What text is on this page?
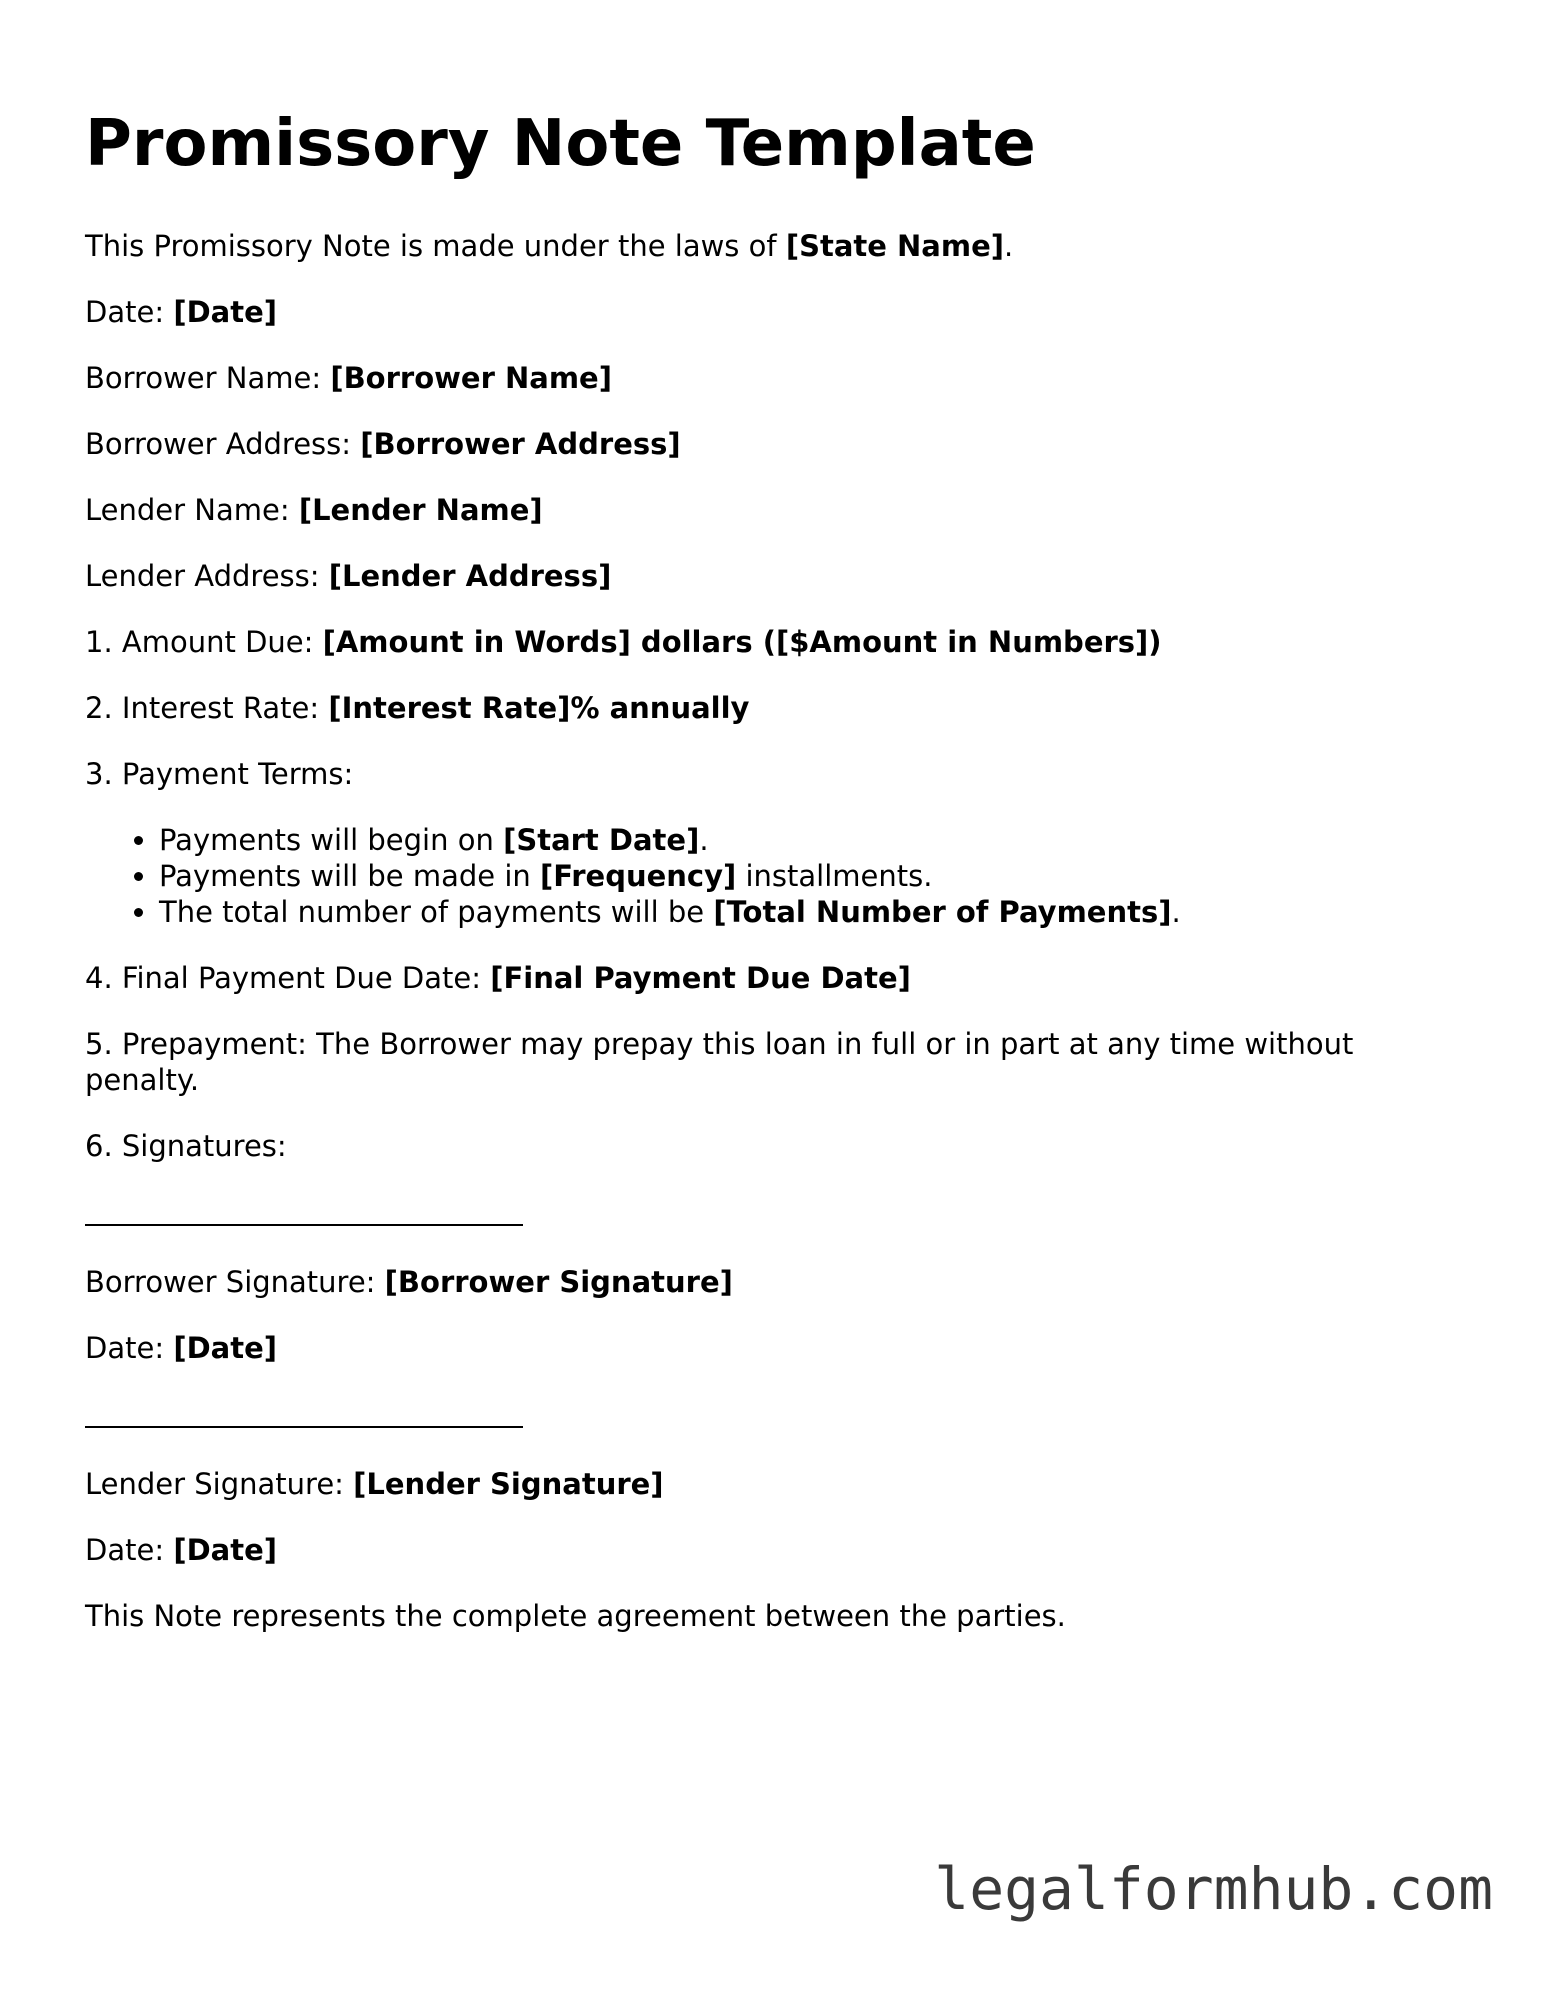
Promissory Note Template

This Promissory Note is made under the laws of [State Name].

Date: [Date]

Borrower Name: [Borrower Name]

Borrower Address: [Borrower Address]

Lender Name: [Lender Name]

Lender Address: [Lender Address]

1. Amount Due: [Amount in Words] dollars ([$Amount in Numbers])

2. Interest Rate: [Interest Rate]% annually

3. Payment Terms:

• Payments will begin on [Start Date].
• Payments will be made in [Frequency] installments.
• The total number of payments will be [Total Number of Payments].

4. Final Payment Due Date: [Final Payment Due Date]

5. Prepayment: The Borrower may prepay this loan in full or in part at any time without penalty.

6. Signatures:

Borrower Signature: [Borrower Signature]

Date: [Date]

Lender Signature: [Lender Signature]

Date: [Date]

This Note represents the complete agreement between the parties.

legalformhub.com
